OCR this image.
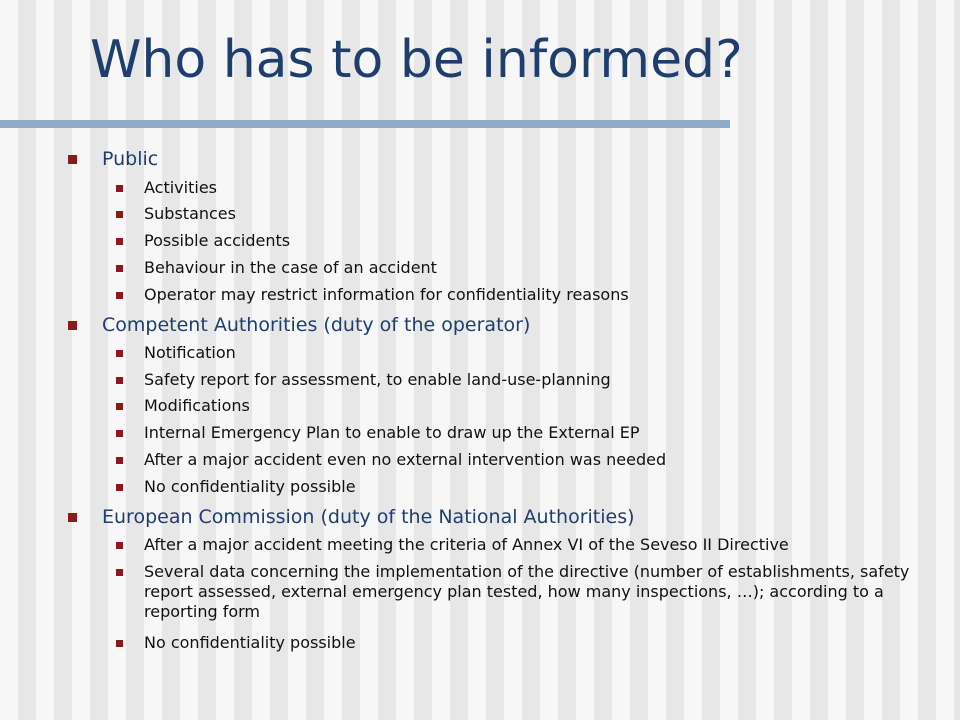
Who has to be informed?
Public
Activities
Substances
Possible accidents
Behaviour in the case of an accident
Operator may restrict information for confidentiality reasons
Competent Authorities (duty of the operator)
Notification
Safety report for assessment, to enable land-use-planning
Modifications
Internal Emergency Plan to enable to draw up the External EP
After a major accident even no external intervention was needed
No confidentiality possible
European Commission (duty of the National Authorities)
After a major accident meeting the criteria of Annex VI of the Seveso II Directive
Several data concerning the implementation of the directive (number of establishments, safety report assessed, external emergency plan tested, how many inspections, …); according to a reporting form
No confidentiality possible
